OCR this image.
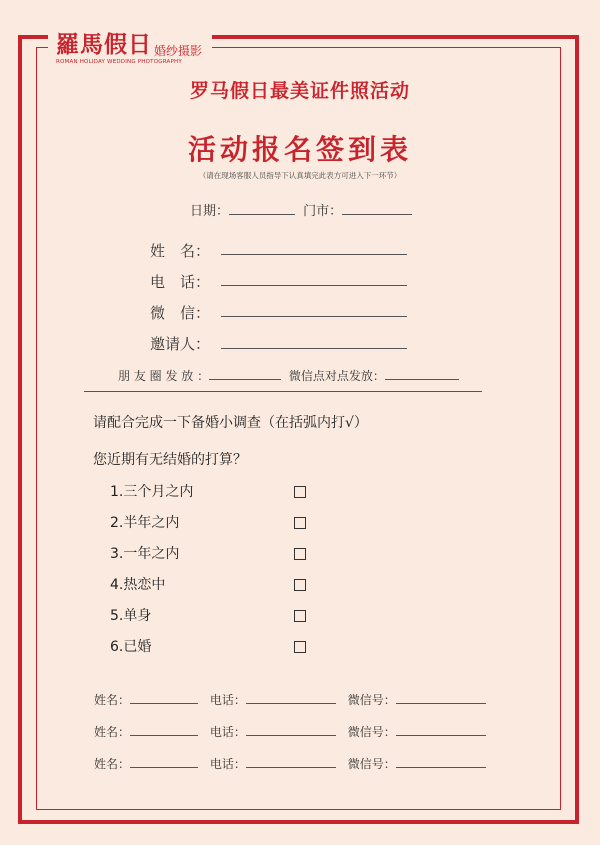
羅馬假日 婚纱摄影
ROMAN HOLIDAY WEDDING PHOTOGRAPHY
罗马假日最美证件照活动
活动报名签到表
（请在现场客服人员指导下认真填完此表方可进入下一环节）
日期：	门市：
姓　名：
电　话：
微　信：
邀请人：
朋 友 圈 发 放 ：	微信点对点发放：
请配合完成一下备婚小调查（在括弧内打√）
您近期有无结婚的打算？
1.三个月之内
2.半年之内
3.一年之内
4.热恋中
5.单身
6.已婚
姓名：	电话：	微信号：
姓名：	电话：	微信号：
姓名：	电话：	微信号：
